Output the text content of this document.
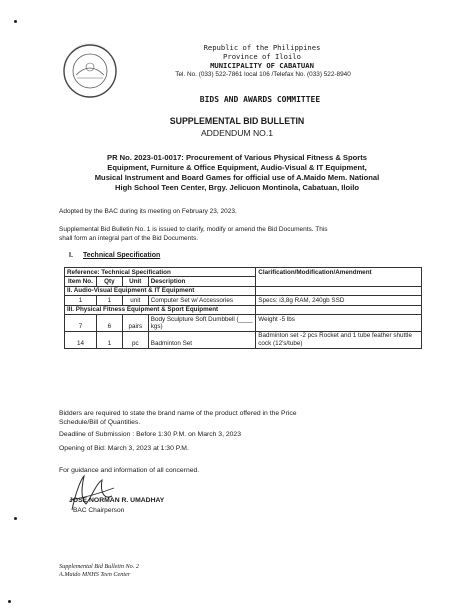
Republic of the Philippines
Province of Iloilo
MUNICIPALITY OF CABATUAN
Tel. No. (033) 522-7861 local 106 /Telefax No. (033) 522-8940
BIDS AND AWARDS COMMITTEE
SUPPLEMENTAL BID BULLETIN
ADDENDUM NO.1
PR No. 2023-01-0017: Procurement of Various Physical Fitness & Sports
Equipment, Furniture & Office Equipment, Audio-Visual & IT Equipment,
Musical Instrument and Board Games for official use of A.Maido Mem. National
High School Teen Center, Brgy. Jelicuon Montinola, Cabatuan, Iloilo
Adopted by the BAC during its meeting on February 23, 2023.
Supplemental Bid Bulletin No. 1 is issued to clarify, modify or amend the Bid Documents. This
shall form an integral part of the Bid Documents.
I. Technical Specification
Reference: Technical Specification				Clarification/Modification/Amendment
Item No.	Qty	Unit	Description	
II. Audio-Visual Equipment & IT Equipment				
1	1	unit	Computer Set w/ Accessories	Specs: i3,8g RAM, 240gb SSD
III. Physical Fitness Equipment & Sport Equipment				
7	6	pairs	Body Sculpture Soft Dumbbell (____ kgs)	Weight -5 lbs
14	1	pc	Badminton Set	Badminton set -2 pcs Rocket and 1 tube feather shuttle cock (12's/tube)
Bidders are required to state the brand name of the product offered in the Price
Schedule/Bill of Quantities.
Deadline of Submission : Before 1:30 P.M. on March 3, 2023
Opening of Bid: March 3, 2023 at 1:30 P.M.
For guidance and information of all concerned.
JOSE NORMAN R. UMADHAY
BAC Chairperson
Supplemental Bid Bulletin No. 2
A.Maido MNHS Teen Center
